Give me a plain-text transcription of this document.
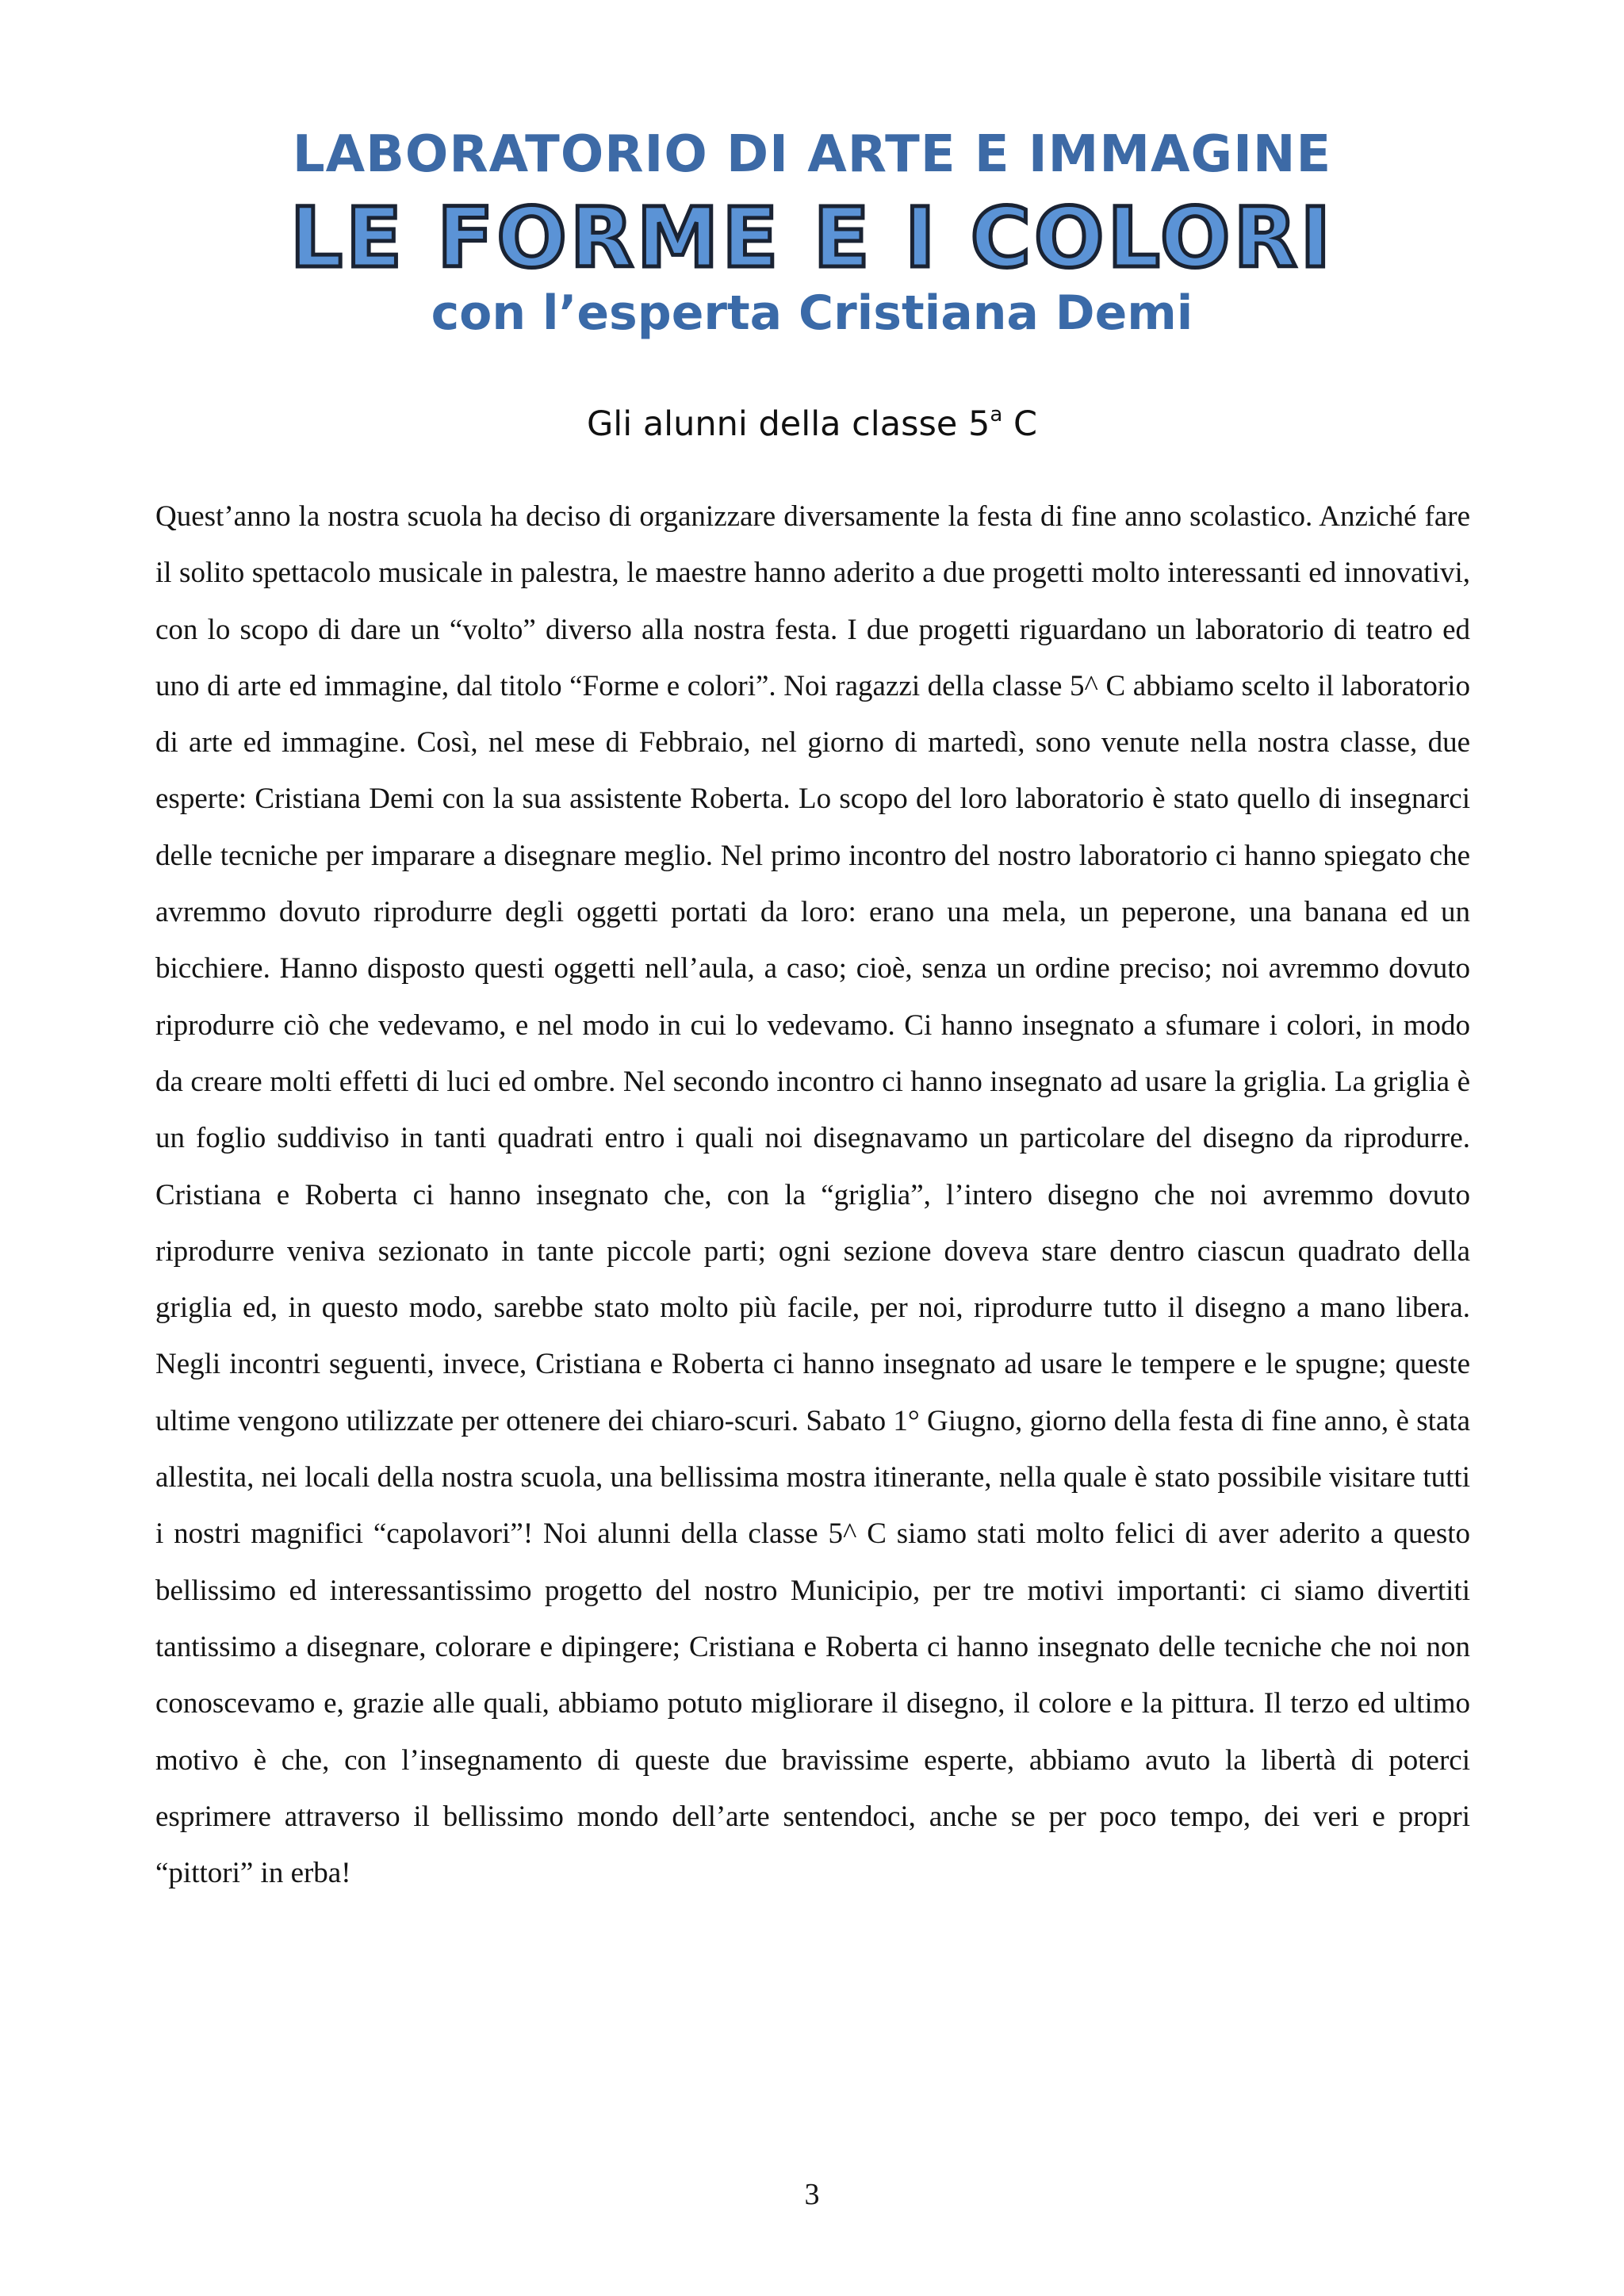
LABORATORIO DI ARTE E IMMAGINE
LE FORME E I COLORI
con l’esperta Cristiana Demi
Gli alunni della classe 5$^a$ C
Quest’anno la nostra scuola ha deciso di organizzare diversamente la festa di fine anno scolastico. Anziché fare il solito spettacolo musicale in palestra, le maestre hanno aderito a due progetti molto interessanti ed innovativi, con lo scopo di dare un “volto” diverso alla nostra festa. I due progetti riguardano un laboratorio di teatro ed uno di arte ed immagine, dal titolo “Forme e colori”. Noi ragazzi della classe 5^ C abbiamo scelto il laboratorio di arte ed immagine. Così, nel mese di Febbraio, nel giorno di martedì, sono venute nella nostra classe, due esperte: Cristiana Demi con la sua assistente Roberta. Lo scopo del loro laboratorio è stato quello di insegnarci delle tecniche per imparare a disegnare meglio. Nel primo incontro del nostro laboratorio ci hanno spiegato che avremmo dovuto riprodurre degli oggetti portati da loro: erano una mela, un peperone, una banana ed un bicchiere. Hanno disposto questi oggetti nell’aula, a caso; cioè, senza un ordine preciso; noi avremmo dovuto riprodurre ciò che vedevamo, e nel modo in cui lo vedevamo. Ci hanno insegnato a sfumare i colori, in modo da creare molti effetti di luci ed ombre. Nel secondo incontro ci hanno insegnato ad usare la griglia. La griglia è un foglio suddiviso in tanti quadrati entro i quali noi disegnavamo un particolare del disegno da riprodurre. Cristiana e Roberta ci hanno insegnato che, con la “griglia”, l’intero disegno che noi avremmo dovuto riprodurre veniva sezionato in tante piccole parti; ogni sezione doveva stare dentro ciascun quadrato della griglia ed, in questo modo, sarebbe stato molto più facile, per noi, riprodurre tutto il disegno a mano libera. Negli incontri seguenti, invece, Cristiana e Roberta ci hanno insegnato ad usare le tempere e le spugne; queste ultime vengono utilizzate per ottenere dei chiaro-scuri. Sabato 1° Giugno, giorno della festa di fine anno, è stata allestita, nei locali della nostra scuola, una bellissima mostra itinerante, nella quale è stato possibile visitare tutti i nostri magnifici “capolavori”! Noi alunni della classe 5^ C siamo stati molto felici di aver aderito a questo bellissimo ed interessantissimo progetto del nostro Municipio, per tre motivi importanti: ci siamo divertiti tantissimo a disegnare, colorare e dipingere; Cristiana e Roberta ci hanno insegnato delle tecniche che noi non conoscevamo e, grazie alle quali, abbiamo potuto migliorare il disegno, il colore e la pittura. Il terzo ed ultimo motivo è che, con l’insegnamento di queste due bravissime esperte, abbiamo avuto la libertà di poterci esprimere attraverso il bellissimo mondo dell’arte sentendoci, anche se per poco tempo, dei veri e propri “pittori” in erba!
3
